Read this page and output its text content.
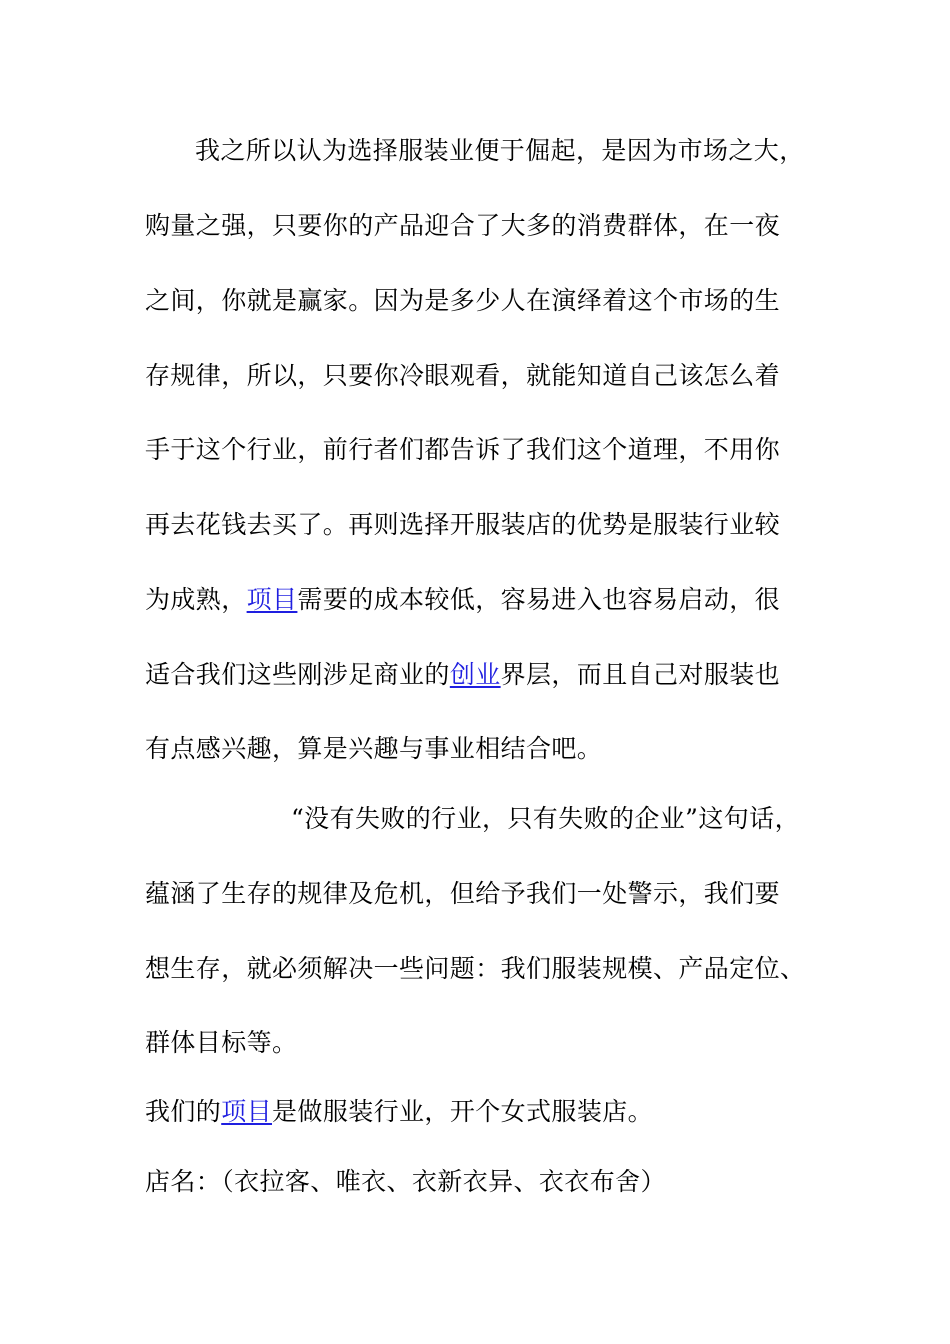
我之所以认为选择服装业便于倔起，是因为市场之大，
购量之强，只要你的产品迎合了大多的消费群体，在一夜
之间，你就是赢家。因为是多少人在演绎着这个市场的生
存规律，所以，只要你冷眼观看，就能知道自己该怎么着
手于这个行业，前行者们都告诉了我们这个道理，不用你
再去花钱去买了。再则选择开服装店的优势是服装行业较
为成熟，项目需要的成本较低，容易进入也容易启动，很
适合我们这些刚涉足商业的创业界层，而且自己对服装也
有点感兴趣，算是兴趣与事业相结合吧。
“没有失败的行业，只有失败的企业”这句话，
蕴涵了生存的规律及危机，但给予我们一处警示，我们要
想生存，就必须解决一些问题：我们服装规模、产品定位、
群体目标等。
我们的项目是做服装行业，开个女式服装店。
店名：（衣拉客、唯衣、衣新衣异、衣衣布舍）
